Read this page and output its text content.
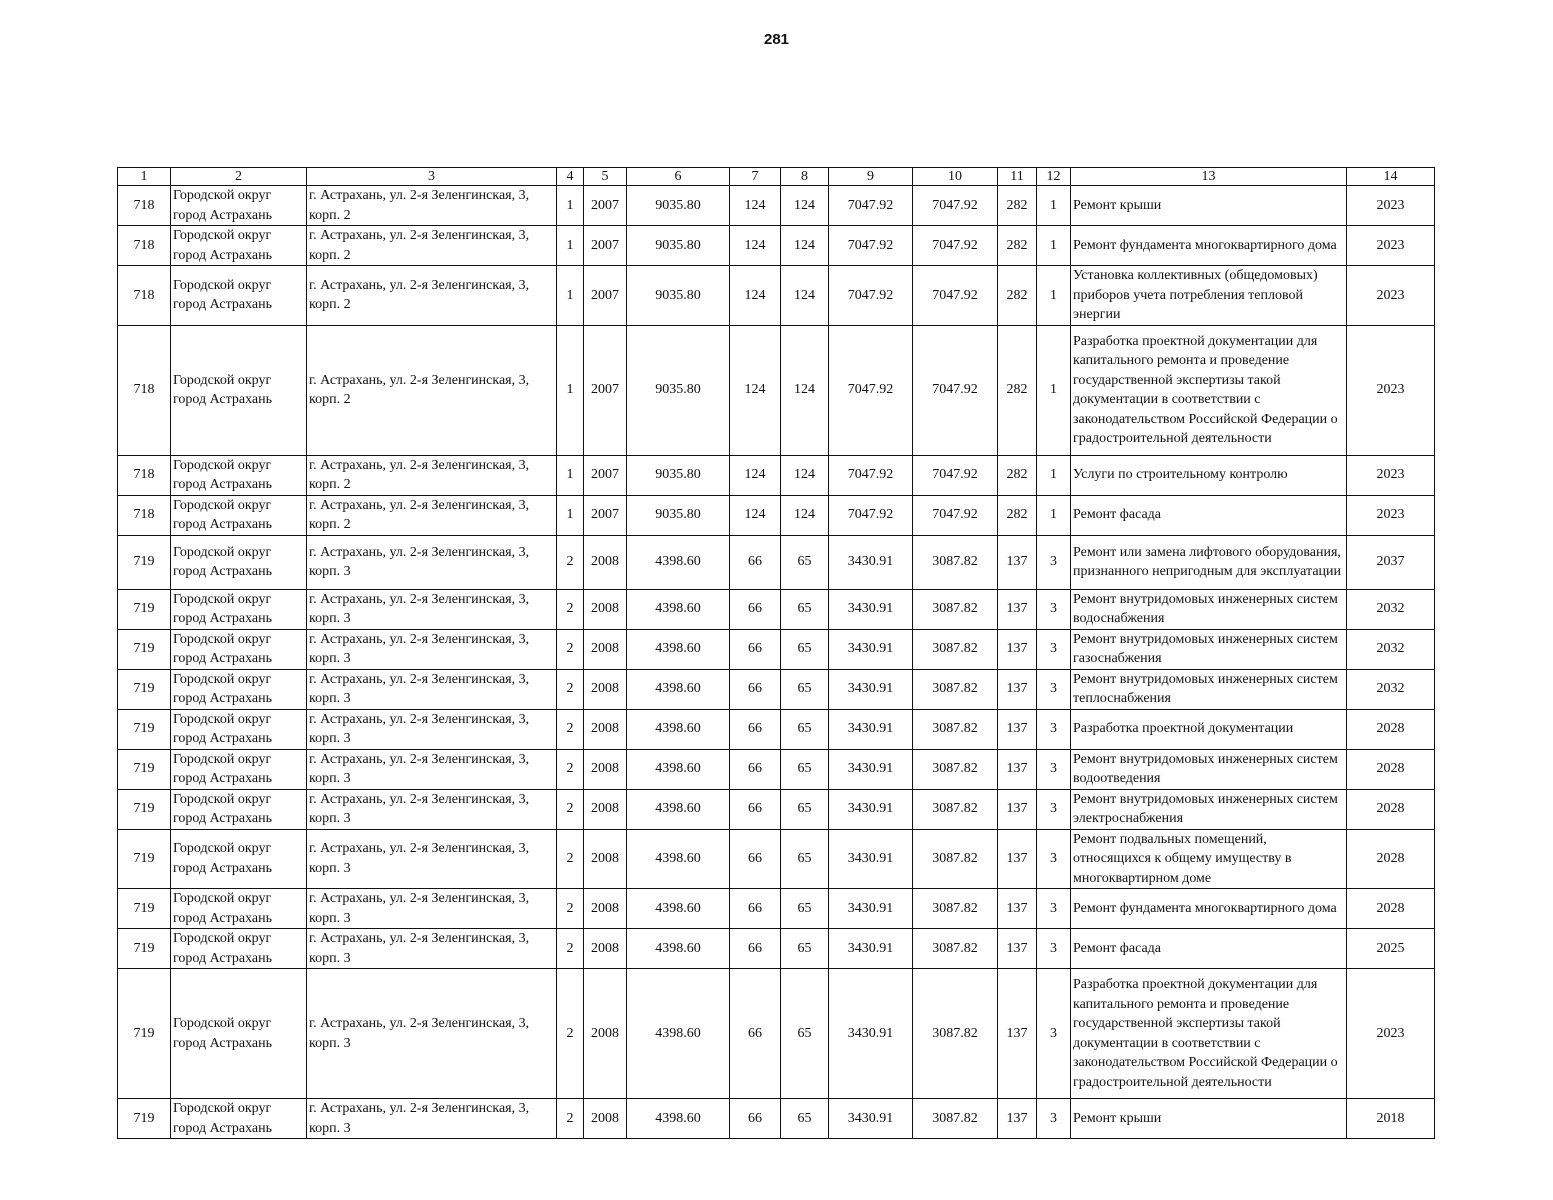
281
1	2	3	4	5	6	7	8	9	10	11	12	13	14
718	Городской округ город Астрахань	г. Астрахань, ул. 2-я Зеленгинская, 3, корп. 2	1	2007	9035.80	124	124	7047.92	7047.92	282	1	Ремонт крыши	2023
718	Городской округ город Астрахань	г. Астрахань, ул. 2-я Зеленгинская, 3, корп. 2	1	2007	9035.80	124	124	7047.92	7047.92	282	1	Ремонт фундамента многоквартирного дома	2023
718	Городской округ город Астрахань	г. Астрахань, ул. 2-я Зеленгинская, 3, корп. 2	1	2007	9035.80	124	124	7047.92	7047.92	282	1	Установка коллективных (общедомовых) приборов учета потребления тепловой энергии	2023
718	Городской округ город Астрахань	г. Астрахань, ул. 2-я Зеленгинская, 3, корп. 2	1	2007	9035.80	124	124	7047.92	7047.92	282	1	Разработка проектной документации для капитального ремонта и проведение государственной экспертизы такой документации в соответствии с законодательством Российской Федерации о градостроительной деятельности	2023
718	Городской округ город Астрахань	г. Астрахань, ул. 2-я Зеленгинская, 3, корп. 2	1	2007	9035.80	124	124	7047.92	7047.92	282	1	Услуги по строительному контролю	2023
718	Городской округ город Астрахань	г. Астрахань, ул. 2-я Зеленгинская, 3, корп. 2	1	2007	9035.80	124	124	7047.92	7047.92	282	1	Ремонт фасада	2023
719	Городской округ город Астрахань	г. Астрахань, ул. 2-я Зеленгинская, 3, корп. 3	2	2008	4398.60	66	65	3430.91	3087.82	137	3	Ремонт или замена лифтового оборудования, признанного непригодным для эксплуатации	2037
719	Городской округ город Астрахань	г. Астрахань, ул. 2-я Зеленгинская, 3, корп. 3	2	2008	4398.60	66	65	3430.91	3087.82	137	3	Ремонт внутридомовых инженерных систем водоснабжения	2032
719	Городской округ город Астрахань	г. Астрахань, ул. 2-я Зеленгинская, 3, корп. 3	2	2008	4398.60	66	65	3430.91	3087.82	137	3	Ремонт внутридомовых инженерных систем газоснабжения	2032
719	Городской округ город Астрахань	г. Астрахань, ул. 2-я Зеленгинская, 3, корп. 3	2	2008	4398.60	66	65	3430.91	3087.82	137	3	Ремонт внутридомовых инженерных систем теплоснабжения	2032
719	Городской округ город Астрахань	г. Астрахань, ул. 2-я Зеленгинская, 3, корп. 3	2	2008	4398.60	66	65	3430.91	3087.82	137	3	Разработка проектной документации	2028
719	Городской округ город Астрахань	г. Астрахань, ул. 2-я Зеленгинская, 3, корп. 3	2	2008	4398.60	66	65	3430.91	3087.82	137	3	Ремонт внутридомовых инженерных систем водоотведения	2028
719	Городской округ город Астрахань	г. Астрахань, ул. 2-я Зеленгинская, 3, корп. 3	2	2008	4398.60	66	65	3430.91	3087.82	137	3	Ремонт внутридомовых инженерных систем электроснабжения	2028
719	Городской округ город Астрахань	г. Астрахань, ул. 2-я Зеленгинская, 3, корп. 3	2	2008	4398.60	66	65	3430.91	3087.82	137	3	Ремонт подвальных помещений, относящихся к общему имуществу в многоквартирном доме	2028
719	Городской округ город Астрахань	г. Астрахань, ул. 2-я Зеленгинская, 3, корп. 3	2	2008	4398.60	66	65	3430.91	3087.82	137	3	Ремонт фундамента многоквартирного дома	2028
719	Городской округ город Астрахань	г. Астрахань, ул. 2-я Зеленгинская, 3, корп. 3	2	2008	4398.60	66	65	3430.91	3087.82	137	3	Ремонт фасада	2025
719	Городской округ город Астрахань	г. Астрахань, ул. 2-я Зеленгинская, 3, корп. 3	2	2008	4398.60	66	65	3430.91	3087.82	137	3	Разработка проектной документации для капитального ремонта и проведение государственной экспертизы такой документации в соответствии с законодательством Российской Федерации о градостроительной деятельности	2023
719	Городской округ город Астрахань	г. Астрахань, ул. 2-я Зеленгинская, 3, корп. 3	2	2008	4398.60	66	65	3430.91	3087.82	137	3	Ремонт крыши	2018
